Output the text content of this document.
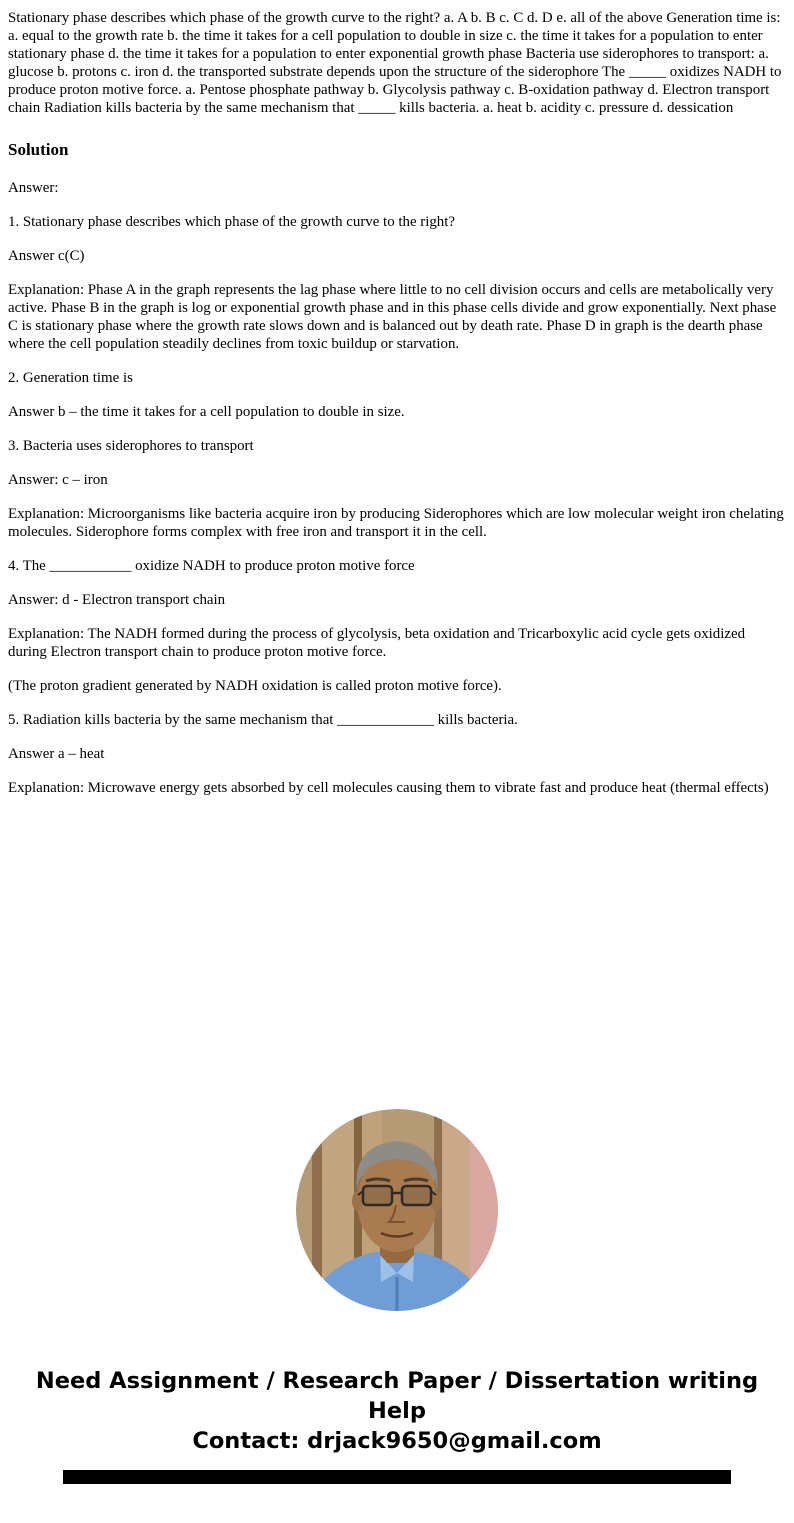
Stationary phase describes which phase of the growth curve to the right? a. A b. B c. C d. D e. all of the above Generation time is: a. equal to the growth rate b. the time it takes for a cell population to double in size c. the time it takes for a population to enter stationary phase d. the time it takes for a population to enter exponential growth phase Bacteria use siderophores to transport: a. glucose b. protons c. iron d. the transported substrate depends upon the structure of the siderophore The _____ oxidizes NADH to produce proton motive force. a. Pentose phosphate pathway b. Glycolysis pathway c. B-oxidation pathway d. Electron transport chain Radiation kills bacteria by the same mechanism that _____ kills bacteria. a. heat b. acidity c. pressure d. dessication

Solution

Answer:

1. Stationary phase describes which phase of the growth curve to the right?

Answer c(C)

Explanation: Phase A in the graph represents the lag phase where little to no cell division occurs and cells are metabolically very active. Phase B in the graph is log or exponential growth phase and in this phase cells divide and grow exponentially. Next phase C is stationary phase where the growth rate slows down and is balanced out by death rate. Phase D in graph is the dearth phase where the cell population steadily declines from toxic buildup or starvation.

2. Generation time is

Answer b – the time it takes for a cell population to double in size.

3. Bacteria uses siderophores to transport

Answer: c – iron

Explanation: Microorganisms like bacteria acquire iron by producing Siderophores which are low molecular weight iron chelating molecules. Siderophore forms complex with free iron and transport it in the cell.

4. The ___________ oxidize NADH to produce proton motive force

Answer: d - Electron transport chain

Explanation: The NADH formed during the process of glycolysis, beta oxidation and Tricarboxylic acid cycle gets oxidized during Electron transport chain to produce proton motive force.

(The proton gradient generated by NADH oxidation is called proton motive force).

5. Radiation kills bacteria by the same mechanism that _____________ kills bacteria.

Answer a – heat

Explanation: Microwave energy gets absorbed by cell molecules causing them to vibrate fast and produce heat (thermal effects)

Need Assignment / Research Paper / Dissertation writing Help

Contact: drjack9650@gmail.com
